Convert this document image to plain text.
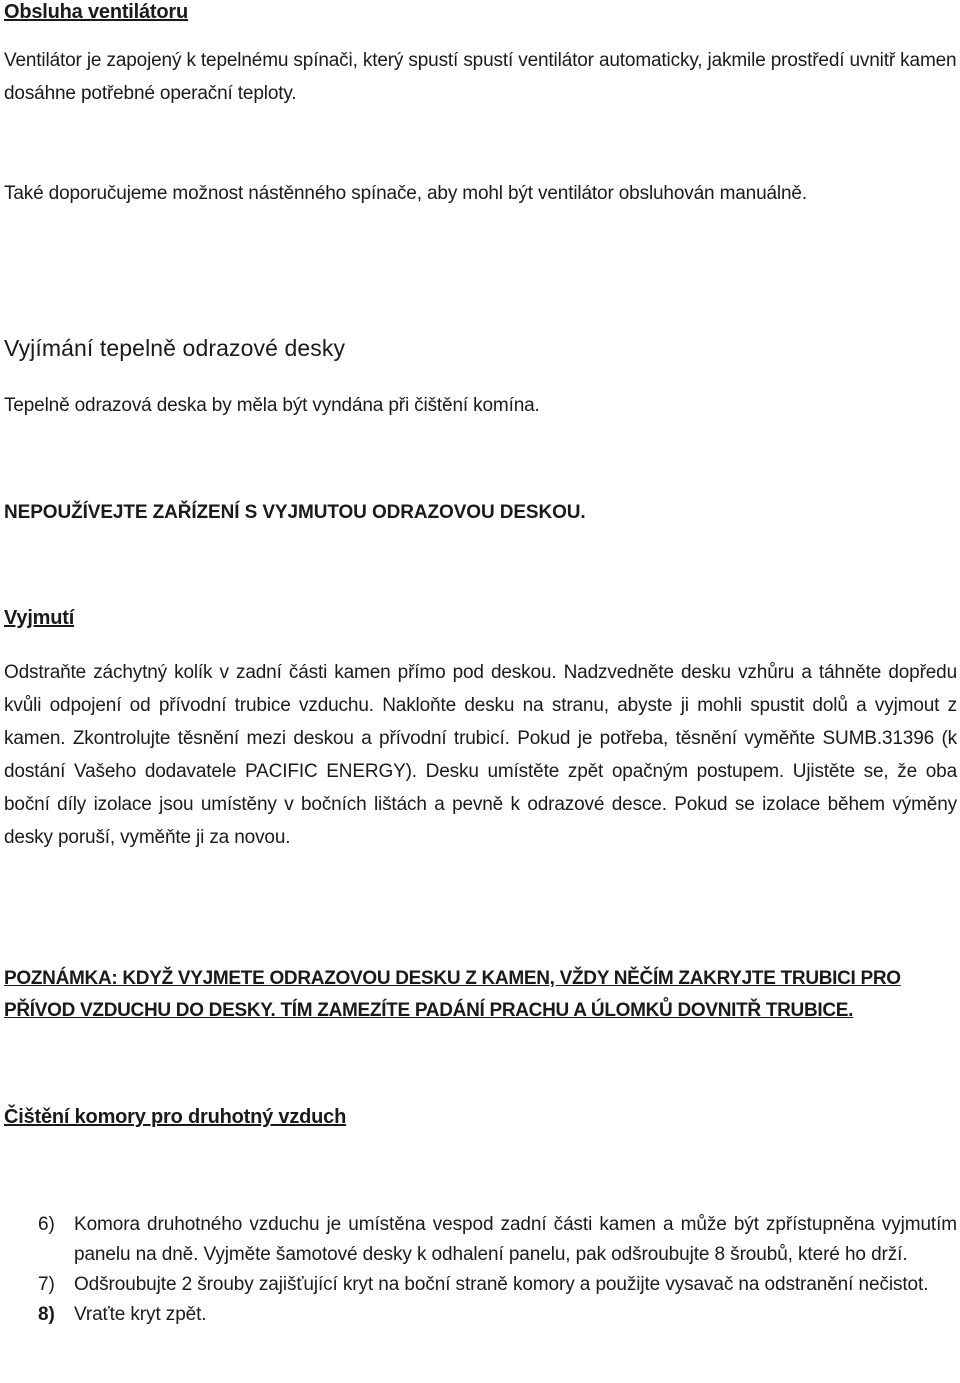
Obsluha ventilátoru

Ventilátor je zapojený k tepelnému spínači, který spustí spustí ventilátor automaticky, jakmile prostředí uvnitř kamen dosáhne potřebné operační teploty.

Také doporučujeme možnost nástěnného spínače, aby mohl být ventilátor obsluhován manuálně.

Vyjímání tepelně odrazové desky

Tepelně odrazová deska by měla být vyndána při čištění komína.

NEPOUŽÍVEJTE ZAŘÍZENÍ S VYJMUTOU ODRAZOVOU DESKOU.
Vyjmutí

Odstraňte záchytný kolík v zadní části kamen přímo pod deskou. Nadzvedněte desku vzhůru a táhněte dopředu kvůli odpojení od přívodní trubice vzduchu. Nakloňte desku na stranu, abyste ji mohli spustit dolů a vyjmout z kamen. Zkontrolujte těsnění mezi deskou a přívodní trubicí. Pokud je potřeba, těsnění vyměňte SUMB.31396 (k dostání Vašeho dodavatele PACIFIC ENERGY). Desku umístěte zpět opačným postupem. Ujistěte se, že oba boční díly izolace jsou umístěny v bočních lištách a pevně k odrazové desce. Pokud se izolace během výměny desky poruší, vyměňte ji za novou.

POZNÁMKA: KDYŽ VYJMETE ODRAZOVOU DESKU Z KAMEN, VŽDY NĚČÍM ZAKRYJTE TRUBICI PRO PŘÍVOD VZDUCHU DO DESKY. TÍM ZAMEZÍTE PADÁNÍ PRACHU A ÚLOMKŮ DOVNITŘ TRUBICE.
Čištění komory pro druhotný vzduch
6) Komora druhotného vzduchu je umístěna vespod zadní části kamen a může být zpřístupněna vyjmutím panelu na dně. Vyjměte šamotové desky k odhalení panelu, pak odšroubujte 8 šroubů, které ho drží.
7) Odšroubujte 2 šrouby zajišťující kryt na boční straně komory a použijte vysavač na odstranění nečistot.
8) Vraťte kryt zpět.
